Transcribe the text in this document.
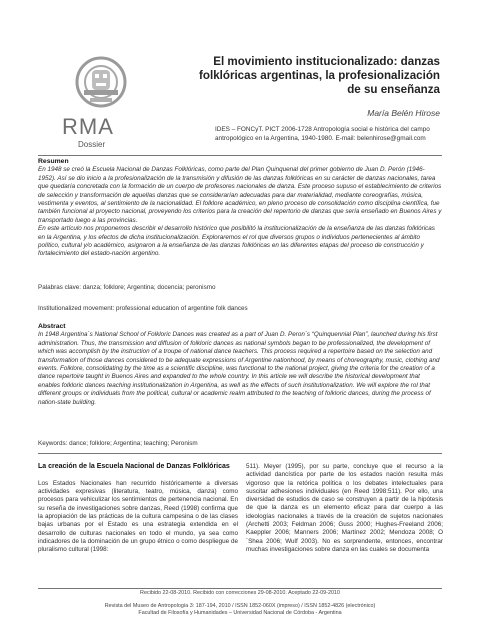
RMA
Dossier
El movimiento institucionalizado: danzas
folklóricas argentinas, la profesionalización
de su enseñanza
María Belén Hirose
IDES – FONCyT. PICT 2006-1728 Antropología social e histórica del campo
antropológico en la Argentina, 1940-1980. E-mail: belenhirose@gmail.com
Resumen
En 1948 se creó la Escuela Nacional de Danzas Folklóricas, como parte del Plan Quinquenal del primer gobierno de Juan D. Perón (1946-1952). Así se dio inicio a la profesionalización de la transmisión y difusión de las danzas folklóricas en su carácter de danzas nacionales, tarea que quedaría concretada con la formación de un cuerpo de profesores nacionales de danza. Este proceso supuso el establecimiento de criterios de selección y transformación de aquellas danzas que se considerarían adecuadas para dar materialidad, mediante coreografías, música, vestimenta y eventos, al sentimiento de la nacionalidad. El folklore académico, en pleno proceso de consolidación como disciplina científica, fue también funcional al proyecto nacional, proveyendo los criterios para la creación del repertorio de danzas que sería enseñado en Buenos Aires y transportado luego a las provincias.
En este artículo nos proponemos describir el desarrollo histórico que posibilitó la institucionalización de la enseñanza de las danzas folklóricas en la Argentina, y los efectos de dicha institucionalización. Exploraremos el rol que diversos grupos o individuos pertenecientes al ámbito político, cultural y/o académico, asignaron a la enseñanza de las danzas folklóricas en las diferentes etapas del proceso de construcción y fortalecimiento del estado-nación argentino.
Palabras clave: danza; folklore; Argentina; docencia; peronismo
Institutionalized movement: professional education of argentine folk dances
Abstract
In 1948 Argentina´s National School of Folkloric Dances was created as a part of Juan D. Peron´s “Quinquennial Plan”, launched during his first administration. Thus, the transmission and diffusion of folkloric dances as national symbols began to be professionalized, the development of which was accomplish by the instruction of a troupe of national dance teachers. This process required a repertoire based on the selection and transformation of those dances considered to be adequate expressions of Argentine nationhood, by means of choreography, music, clothing and events. Folklore, consolidating by the time as a scientific discipline, was functional to the national project, giving the criteria for the creation of a dance repertoire taught in Buenos Aires and expanded to the whole country. In this article we will describe the historical development that enables folkloric dances teaching institutionalization in Argentina, as well as the effects of such institutionalization. We will explore the rol that different groups or individuals from the political, cultural or academic realm attributed to the teaching of folkloric dances, during the process of nation-state building.
Keywords: dance; folklore; Argentina; teaching; Peronism
La creación de la Escuela Nacional de Danzas Folklóricas
Los Estados Nacionales han recurrido históricamente a diversas actividades expresivas (literatura, teatro, música, danza) como procesos para vehiculizar los sentimientos de pertenencia nacional. En su reseña de investigaciones sobre danzas, Reed (1998) confirma que la apropiación de las prácticas de la cultura campesina o de las clases bajas urbanas por el Estado es una estrategia extendida en el desarrollo de culturas nacionales en todo el mundo, ya sea como indicadores de la dominación de un grupo étnico o como despliegue de pluralismo cultural (1998:
511). Meyer (1995), por su parte, concluye que el recurso a la actividad dancística por parte de los estados nación resulta más vigoroso que la retórica política o los debates intelectuales para suscitar adhesiones individuales (en Reed 1998:511). Por ello, una diversidad de estudios de caso se construyen a partir de la hipótesis de que la danza es un elemento eficaz para dar cuerpo a las ideologías nacionales a través de la creación de sujetos nacionales (Archetti 2003; Feldman 2006; Guss 2000; Hughes-Freeland 2006; Kaeppler 2006; Manners 2006; Martínez 2002; Mendoza 2008; O´Shea 2006; Wulf 2003). No es sorprendente, entonces, encontrar muchas investigaciones sobre danza en las cuales se documenta
Recibido 22-08-2010. Recibido con correcciones 29-08-2010. Aceptado 22-09-2010
Revista del Museo de Antropología 3: 187-194, 2010 / ISSN 1852-060X (impreso) / ISSN 1852-4826 (electrónico)
Facultad de Filosofía y Humanidades – Universidad Nacional de Córdoba - Argentina
